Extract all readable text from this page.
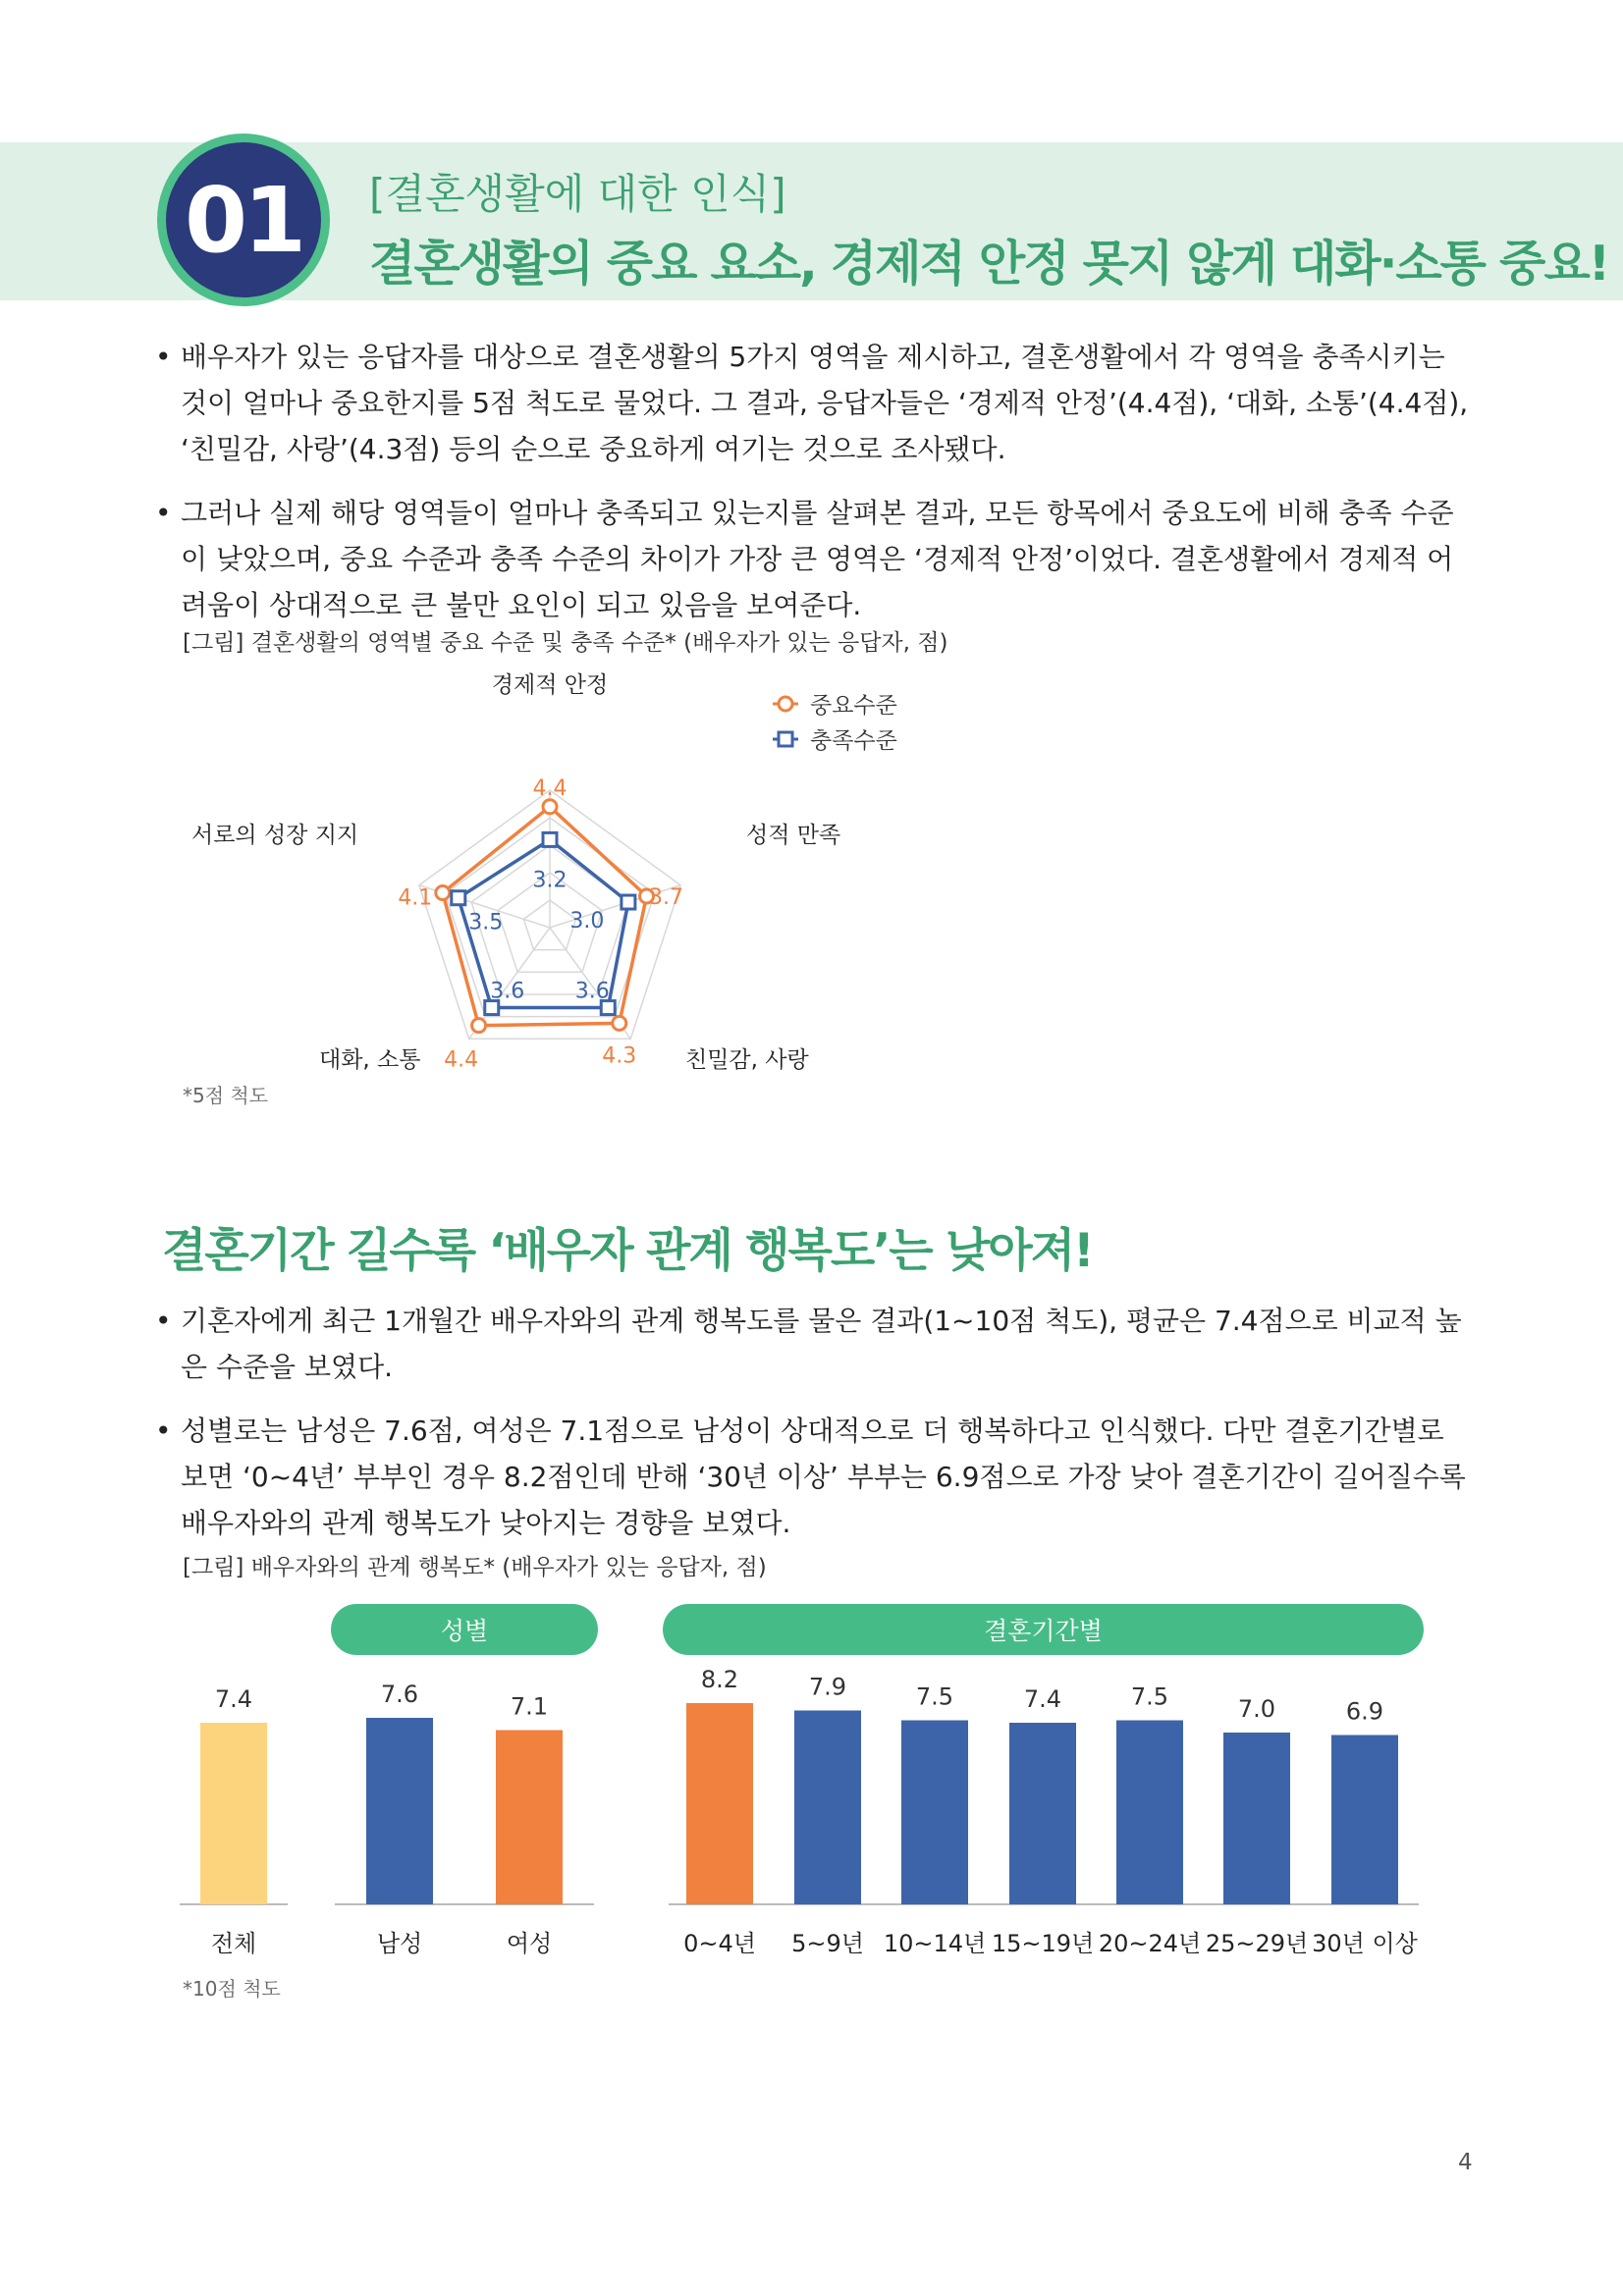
01	[결혼생활에 대한 인식]
결혼생활의 중요 요소, 경제적 안정 못지 않게 대화·소통 중요!
• 배우자가 있는 응답자를 대상으로 결혼생활의 5가지 영역을 제시하고, 결혼생활에서 각 영역을 충족시키는 것이 얼마나 중요한지를 5점 척도로 물었다. 그 결과, 응답자들은 ‘경제적 안정’(4.4점), ‘대화, 소통’(4.4점), ‘친밀감, 사랑’(4.3점) 등의 순으로 중요하게 여기는 것으로 조사됐다.
• 그러나 실제 해당 영역들이 얼마나 충족되고 있는지를 살펴본 결과, 모든 항목에서 중요도에 비해 충족 수준이 낮았으며, 중요 수준과 충족 수준의 차이가 가장 큰 영역은 ‘경제적 안정’이었다. 결혼생활에서 경제적 어려움이 상대적으로 큰 불만 요인이 되고 있음을 보여준다.
[그림] 결혼생활의 영역별 중요 수준 및 충족 수준* (배우자가 있는 응답자, 점)
4.4
3.7
4.3
4.4
4.1
3.2
3.0
3.6
3.6
3.5
중요수준
충족수준
경제적 안정
성적 만족
친밀감, 사랑
대화, 소통
서로의 성장 지지
*5점 척도
결혼기간 길수록 ‘배우자 관계 행복도’는 낮아져!
• 기혼자에게 최근 1개월간 배우자와의 관계 행복도를 물은 결과(1~10점 척도), 평균은 7.4점으로 비교적 높은 수준을 보였다.
• 성별로는 남성은 7.6점, 여성은 7.1점으로 남성이 상대적으로 더 행복하다고 인식했다. 다만 결혼기간별로 보면 ‘0~4년’ 부부인 경우 8.2점인데 반해 ‘30년 이상’ 부부는 6.9점으로 가장 낮아 결혼기간이 길어질수록 배우자와의 관계 행복도가 낮아지는 경향을 보였다.
[그림] 배우자와의 관계 행복도* (배우자가 있는 응답자, 점)
성별	결혼기간별
7.4
전체
7.6
남성
7.1
여성
8.2
0~4년
7.9
5~9년
7.5
10~14년
7.4
15~19년
7.5
20~24년
7.0
25~29년
6.9
30년 이상
*10점 척도
4
